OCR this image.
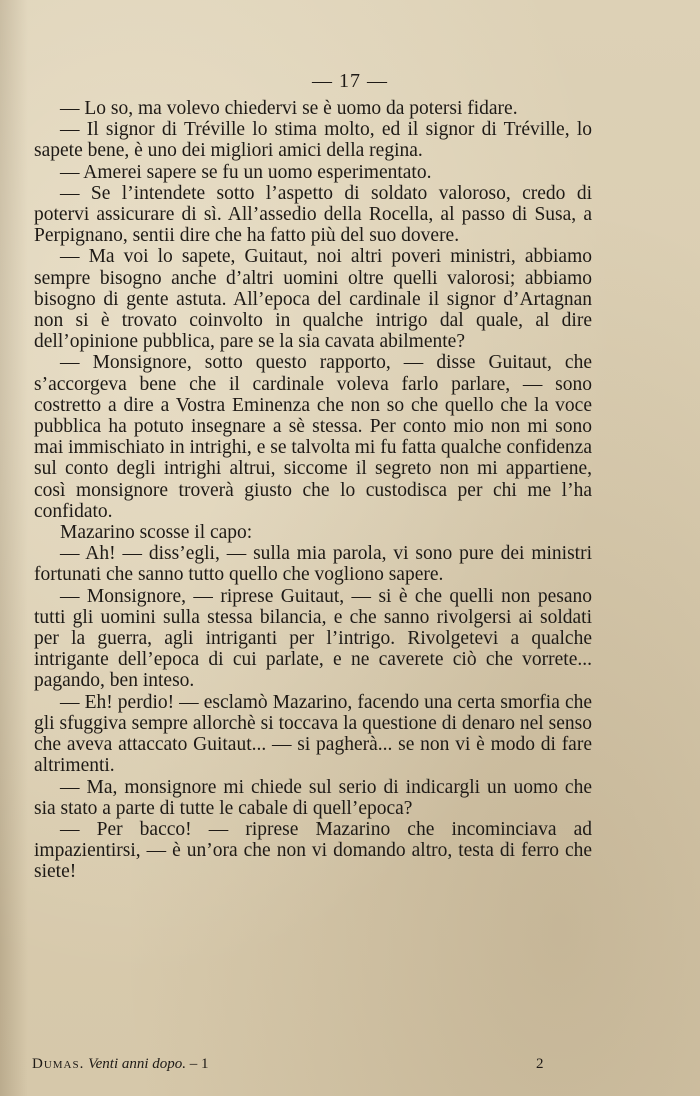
— 17 —

— Lo so, ma volevo chiedervi se è uomo da potersi fidare.

— Il signor di Tréville lo stima molto, ed il signor di Tréville, lo sapete bene, è uno dei migliori amici della regina.

— Amerei sapere se fu un uomo esperimentato.

— Se l’intendete sotto l’aspetto di soldato valoroso, credo di potervi assicurare di sì. All’assedio della Rocella, al passo di Susa, a Perpignano, sentii dire che ha fatto più del suo dovere.

— Ma voi lo sapete, Guitaut, noi altri poveri ministri, abbiamo sempre bisogno anche d’altri uomini oltre quelli valorosi; abbiamo bisogno di gente astuta. All’epoca del cardinale il signor d’Artagnan non si è trovato coinvolto in qualche intrigo dal quale, al dire dell’opinione pubblica, pare se la sia cavata abilmente?

— Monsignore, sotto questo rapporto, — disse Guitaut, che s’accorgeva bene che il cardinale voleva farlo parlare, — sono costretto a dire a Vostra Eminenza che non so che quello che la voce pubblica ha potuto insegnare a sè stessa. Per conto mio non mi sono mai immischiato in intrighi, e se talvolta mi fu fatta qualche confidenza sul conto degli intrighi altrui, siccome il segreto non mi appartiene, così monsignore troverà giusto che lo custodisca per chi me l’ha confidato.

Mazarino scosse il capo:

— Ah! — diss’egli, — sulla mia parola, vi sono pure dei ministri fortunati che sanno tutto quello che vogliono sapere.

— Monsignore, — riprese Guitaut, — si è che quelli non pesano tutti gli uomini sulla stessa bilancia, e che sanno rivolgersi ai soldati per la guerra, agli intriganti per l’intrigo. Rivolgetevi a qualche intrigante dell’epoca di cui parlate, e ne caverete ciò che vorrete... pagando, ben inteso.

— Eh! perdio! — esclamò Mazarino, facendo una certa smorfia che gli sfuggiva sempre allorchè si toccava la questione di denaro nel senso che aveva attaccato Guitaut... — si pagherà... se non vi è modo di fare altrimenti.

— Ma, monsignore mi chiede sul serio di indicargli un uomo che sia stato a parte di tutte le cabale di quell’epoca?

— Per bacco! — riprese Mazarino che incominciava ad impazientirsi, — è un’ora che non vi domando altro, testa di ferro che siete!

Dumas. Venti anni dopo. – 1	2
